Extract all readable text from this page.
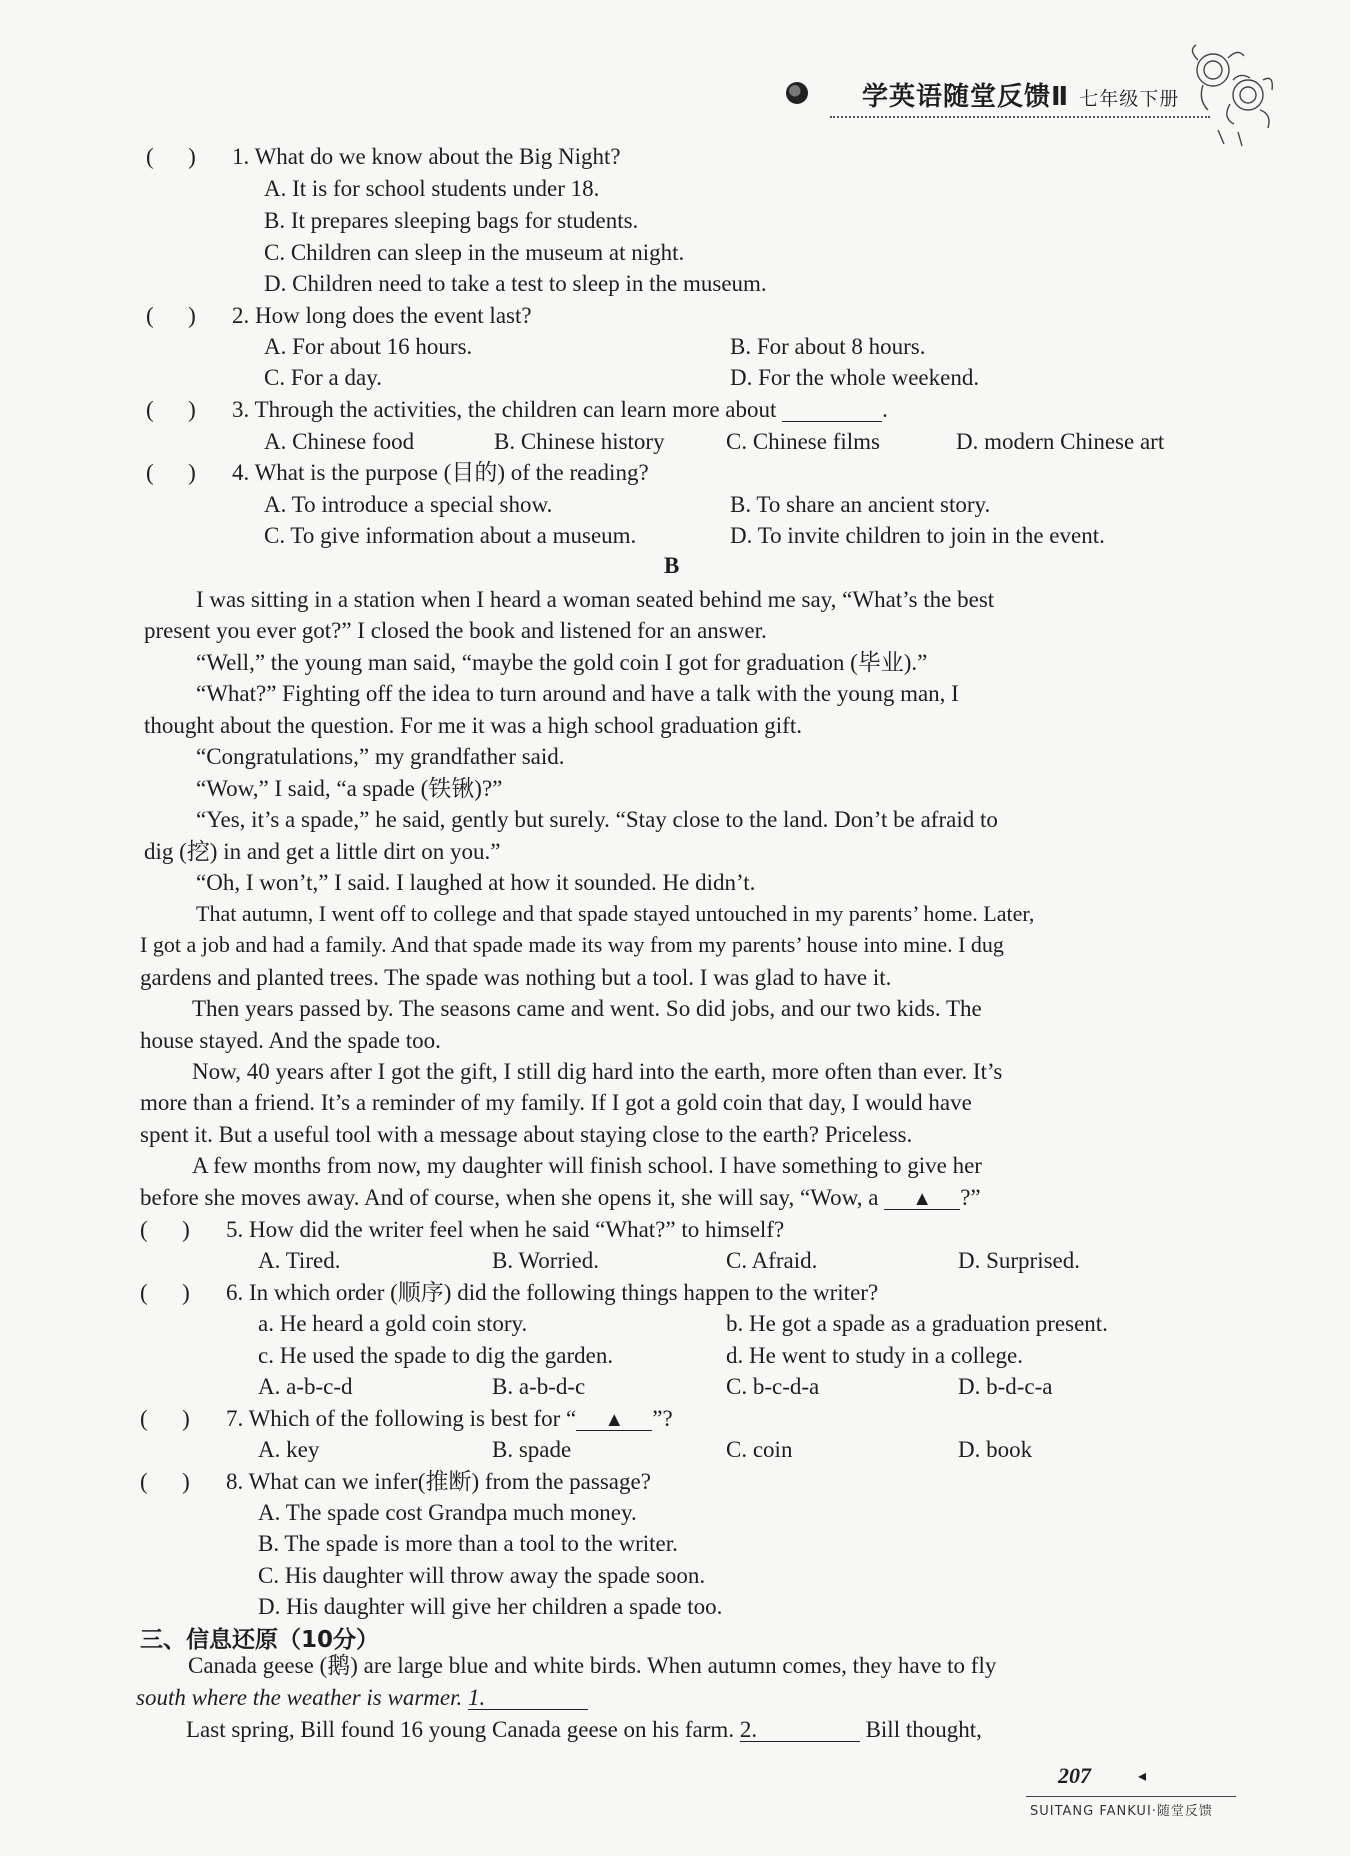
学英语随堂反馈Ⅱ 七年级下册
(      ) 1. What do we know about the Big Night?
A. It is for school students under 18.
B. It prepares sleeping bags for students.
C. Children can sleep in the museum at night.
D. Children need to take a test to sleep in the museum.
(      ) 2. How long does the event last?
A. For about 16 hours.	B. For about 8 hours.
C. For a day.	D. For the whole weekend.
(      ) 3. Through the activities, the children can learn more about	.
A. Chinese food	B. Chinese history	C. Chinese films	D. modern Chinese art
(      ) 4. What is the purpose (目的) of the reading?
A. To introduce a special show.	B. To share an ancient story.
C. To give information about a museum.	D. To invite children to join in the event.
B
I was sitting in a station when I heard a woman seated behind me say, “What’s the best
present you ever got?” I closed the book and listened for an answer.
“Well,” the young man said, “maybe the gold coin I got for graduation (毕业).”
“What?” Fighting off the idea to turn around and have a talk with the young man, I
thought about the question. For me it was a high school graduation gift.
“Congratulations,” my grandfather said.
“Wow,” I said, “a spade (铁锹)?”
“Yes, it’s a spade,” he said, gently but surely. “Stay close to the land. Don’t be afraid to
dig (挖) in and get a little dirt on you.”
“Oh, I won’t,” I said. I laughed at how it sounded. He didn’t.
That autumn, I went off to college and that spade stayed untouched in my parents’ home. Later,
I got a job and had a family. And that spade made its way from my parents’ house into mine. I dug
gardens and planted trees. The spade was nothing but a tool. I was glad to have it.
Then years passed by. The seasons came and went. So did jobs, and our two kids. The
house stayed. And the spade too.
Now, 40 years after I got the gift, I still dig hard into the earth, more often than ever. It’s
more than a friend. It’s a reminder of my family. If I got a gold coin that day, I would have
spent it. But a useful tool with a message about staying close to the earth? Priceless.
A few months from now, my daughter will finish school. I have something to give her
before she moves away. And of course, when she opens it, she will say, “Wow, a ▲ ?”
(      ) 5. How did the writer feel when he said “What?” to himself?
A. Tired.	B. Worried.	C. Afraid.	D. Surprised.
(      ) 6. In which order (顺序) did the following things happen to the writer?
a. He heard a gold coin story.	b. He got a spade as a graduation present.
c. He used the spade to dig the garden.	d. He went to study in a college.
A. a-b-c-d	B. a-b-d-c	C. b-c-d-a	D. b-d-c-a
(      ) 7. Which of the following is best for “ ▲ ”?
A. key	B. spade	C. coin	D. book
(      ) 8. What can we infer(推断) from the passage?
A. The spade cost Grandpa much money.
B. The spade is more than a tool to the writer.
C. His daughter will throw away the spade soon.
D. His daughter will give her children a spade too.
三、信息还原（10分）
Canada geese (鹅) are large blue and white birds. When autumn comes, they have to fly
south where the weather is warmer. 1.
Last spring, Bill found 16 young Canada geese on his farm. 2.	Bill thought,
207	◂
SUITANG FANKUI·随堂反馈
